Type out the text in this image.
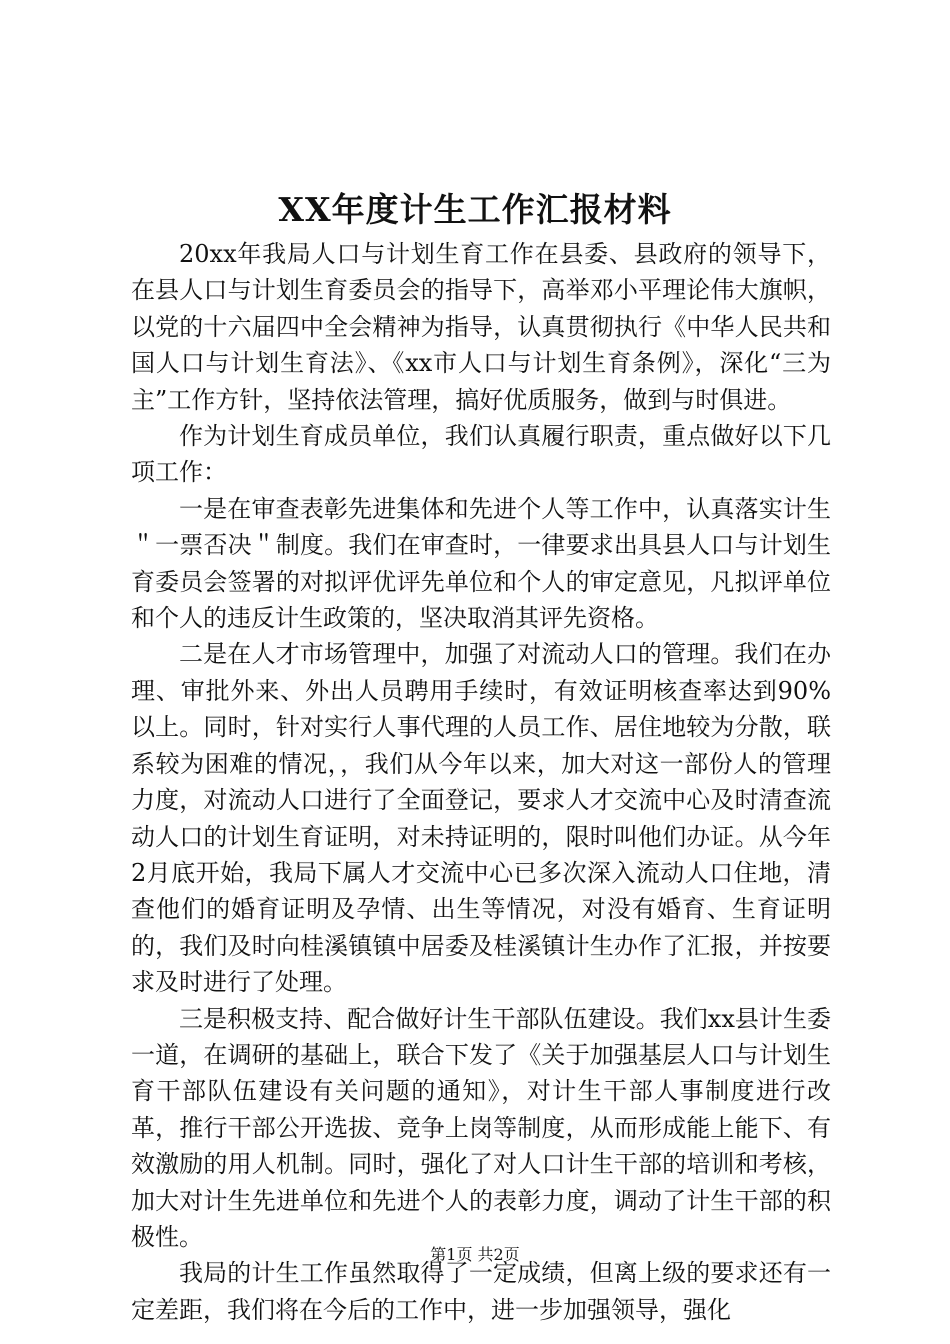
XX年度计生工作汇报材料

20xx年我局人口与计划生育工作在县委、县政府的领导下，在县人口与计划生育委员会的指导下，高举邓小平理论伟大旗帜，以党的十六届四中全会精神为指导，认真贯彻执行《中华人民共和国人口与计划生育法》、《xx市人口与计划生育条例》，深化“三为主”工作方针，坚持依法管理，搞好优质服务，做到与时俱进。

作为计划生育成员单位，我们认真履行职责，重点做好以下几项工作：

一是在审查表彰先进集体和先进个人等工作中，认真落实计生＂一票否决＂制度。我们在审查时，一律要求出具县人口与计划生育委员会签署的对拟评优评先单位和个人的审定意见，凡拟评单位和个人的违反计生政策的，坚决取消其评先资格。

二是在人才市场管理中，加强了对流动人口的管理。我们在办理、审批外来、外出人员聘用手续时，有效证明核查率达到90%以上。同时，针对实行人事代理的人员工作、居住地较为分散，联系较为困难的情况，，我们从今年以来，加大对这一部份人的管理力度，对流动人口进行了全面登记，要求人才交流中心及时清查流动人口的计划生育证明，对未持证明的，限时叫他们办证。从今年2月底开始，我局下属人才交流中心已多次深入流动人口住地，清查他们的婚育证明及孕情、出生等情况，对没有婚育、生育证明的，我们及时向桂溪镇镇中居委及桂溪镇计生办作了汇报，并按要求及时进行了处理。

三是积极支持、配合做好计生干部队伍建设。我们xx县计生委一道，在调研的基础上，联合下发了《关于加强基层人口与计划生育干部队伍建设有关问题的通知》，对计生干部人事制度进行改革，推行干部公开选拔、竞争上岗等制度，从而形成能上能下、有效激励的用人机制。同时，强化了对人口计生干部的培训和考核，加大对计生先进单位和先进个人的表彰力度，调动了计生干部的积极性。

我局的计生工作虽然取得了一定成绩，但离上级的要求还有一定差距，我们将在今后的工作中，进一步加强领导，强化

第1页 共2页
